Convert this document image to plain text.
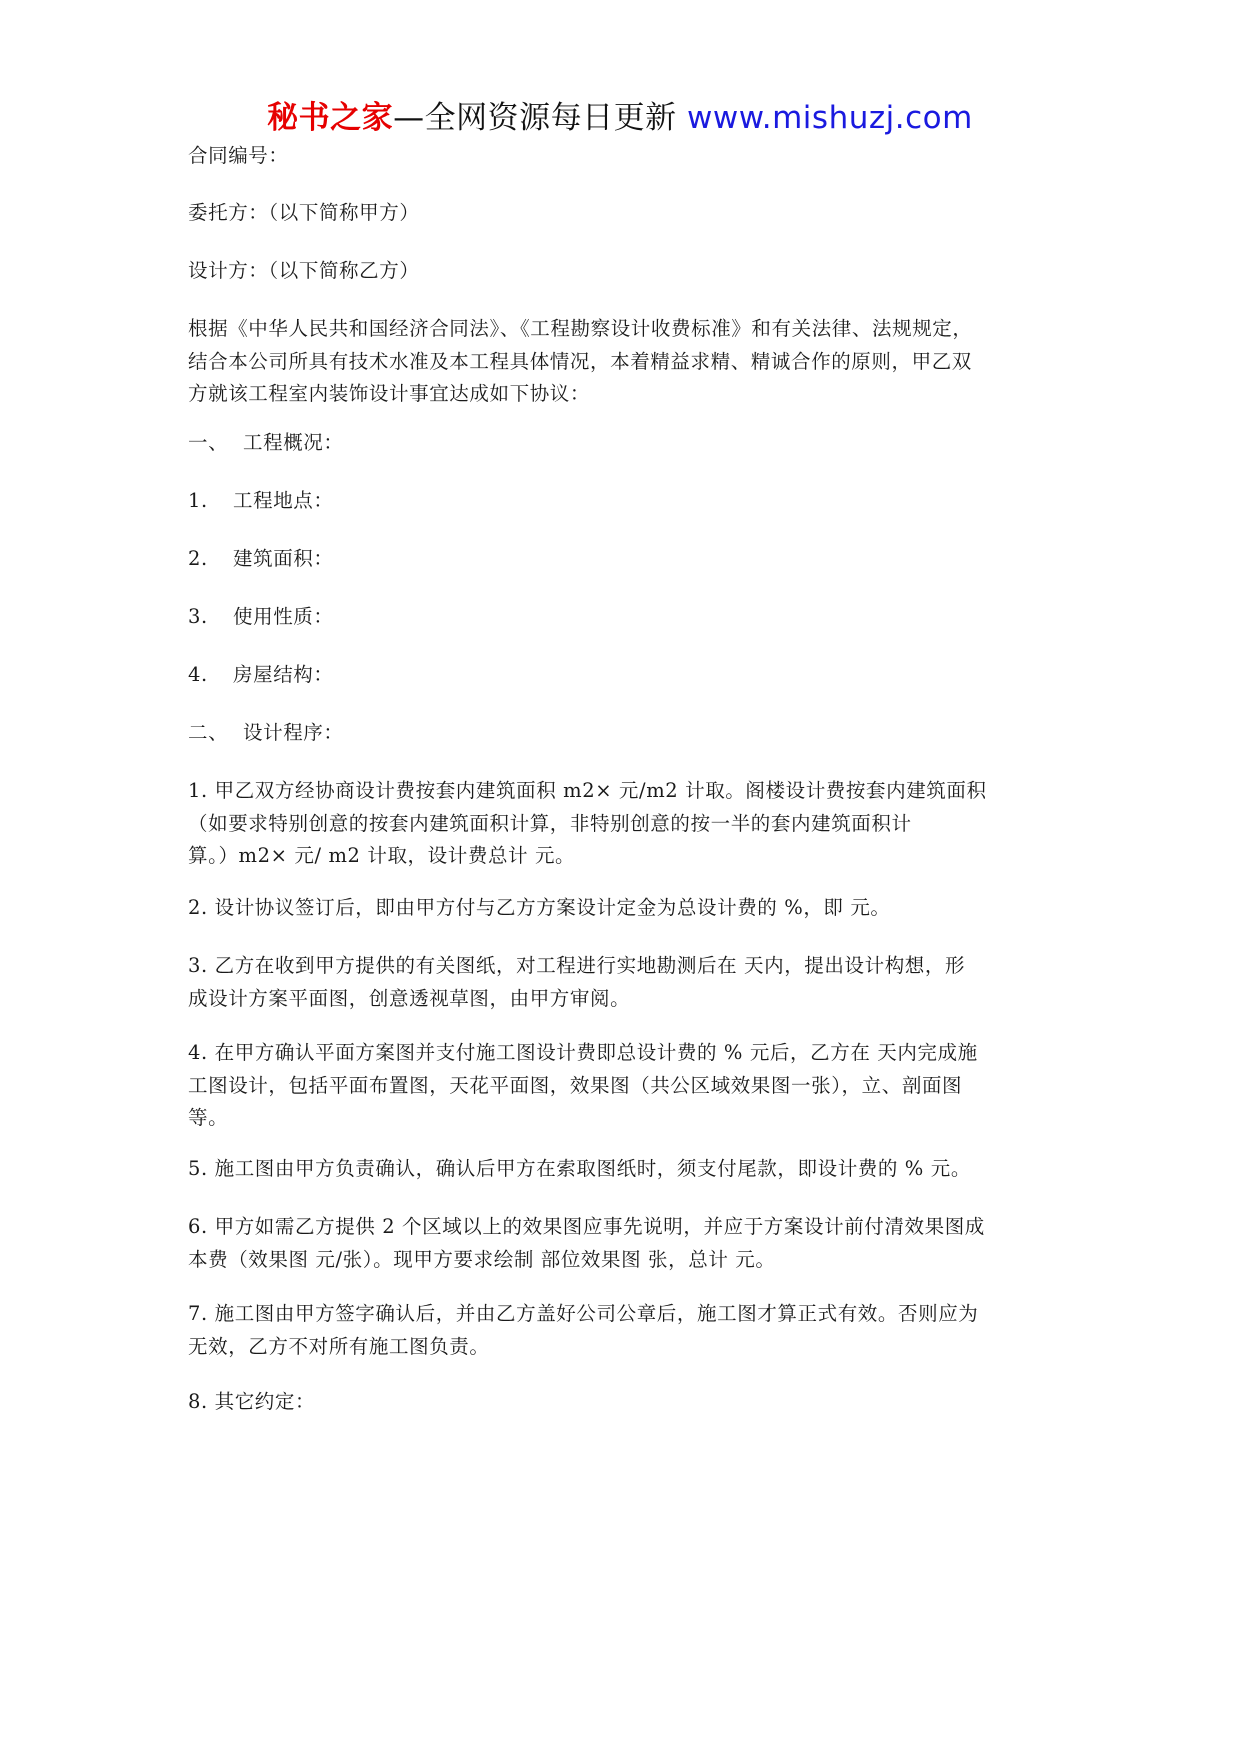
秘书之家—全网资源每日更新 www.mishuzj.com
合同编号：
委托方：（以下简称甲方）
设计方：（以下简称乙方）
根据《中华人民共和国经济合同法》、《工程勘察设计收费标准》和有关法律、法规规定，
结合本公司所具有技术水准及本工程具体情况，本着精益求精、精诚合作的原则，甲乙双
方就该工程室内装饰设计事宜达成如下协议：
一、 工程概况：
1. 工程地点：
2. 建筑面积：
3. 使用性质：
4. 房屋结构：
二、 设计程序：
1. 甲乙双方经协商设计费按套内建筑面积 m2× 元/m2 计取。阁楼设计费按套内建筑面积
（如要求特别创意的按套内建筑面积计算，非特别创意的按一半的套内建筑面积计
算。）m2× 元/ m2 计取，设计费总计 元。
2. 设计协议签订后，即由甲方付与乙方方案设计定金为总设计费的 %，即 元。
3. 乙方在收到甲方提供的有关图纸，对工程进行实地勘测后在 天内，提出设计构想，形
成设计方案平面图，创意透视草图，由甲方审阅。
4. 在甲方确认平面方案图并支付施工图设计费即总设计费的 % 元后，乙方在 天内完成施
工图设计，包括平面布置图，天花平面图，效果图（共公区域效果图一张），立、剖面图
等。
5. 施工图由甲方负责确认，确认后甲方在索取图纸时，须支付尾款，即设计费的 % 元。
6. 甲方如需乙方提供 2 个区域以上的效果图应事先说明，并应于方案设计前付清效果图成
本费（效果图 元/张）。现甲方要求绘制 部位效果图 张，总计 元。
7. 施工图由甲方签字确认后，并由乙方盖好公司公章后，施工图才算正式有效。否则应为
无效，乙方不对所有施工图负责。
8. 其它约定：
